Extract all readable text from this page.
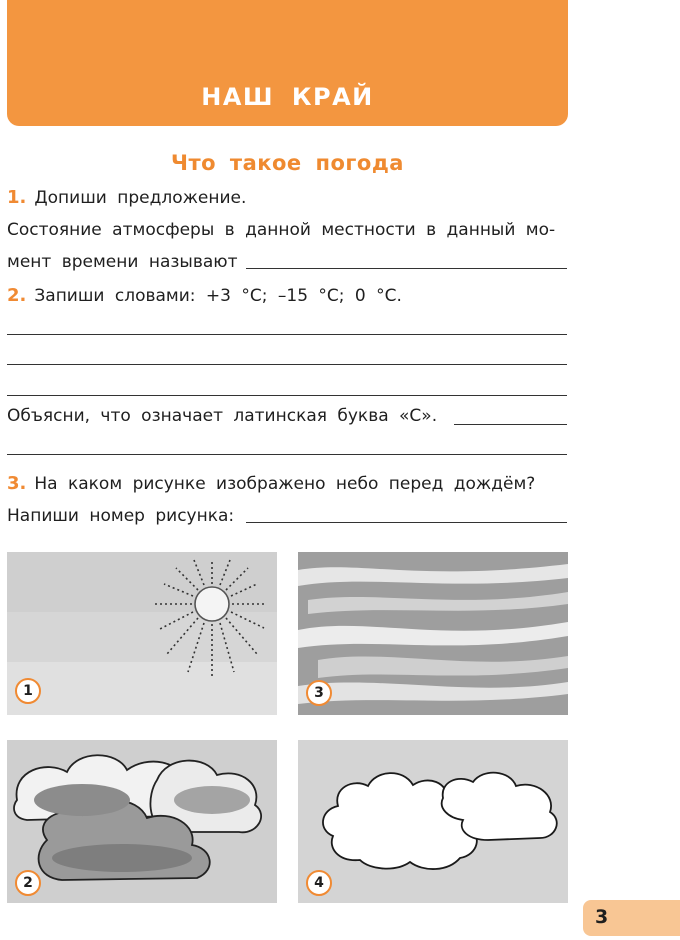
НАШ КРАЙ
Что такое погода
1. Допиши предложение.
Состояние атмосферы в данной местности в данный мо-
мент времени называют
2. Запиши словами: +3 °С; –15 °С; 0 °С.
Объясни, что означает латинская буква «С».
3. На каком рисунке изображено небо перед дождём?
Напиши номер рисунка:
1	3
2	4
3
